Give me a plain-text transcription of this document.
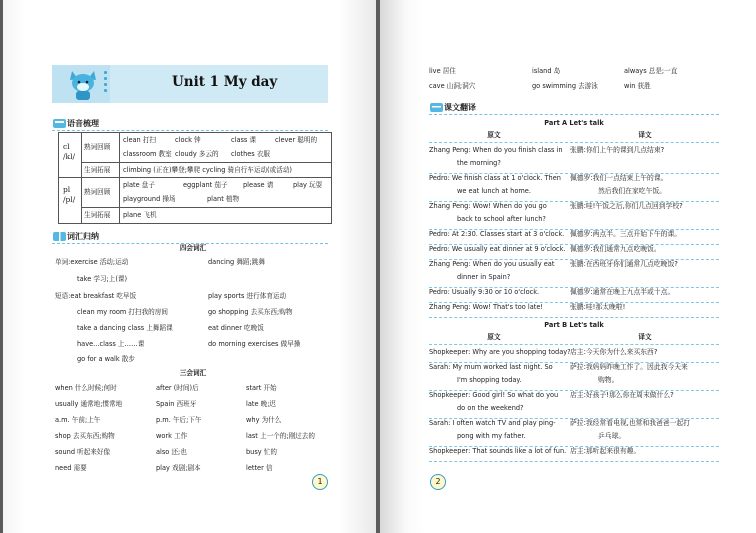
Unit 1 My day
语音梳理
cl
/kl/
熟词回顾
clean 打扫	clock 钟	class 课	clever 聪明的
classroom 教室 cloudy 多云的 clothes 衣服
生词拓展 climbing (正在)攀登;攀爬 cycling 骑自行车运动(或活动)
pl
/pl/
熟词回顾
plate 盘子	eggplant 茄子 please 请	play 玩耍
playground 操场	plant 植物
生词拓展 plane 飞机
词汇归纳
四会词汇
单词:exercise 活动;运动	dancing 舞蹈;跳舞
take 学习;上(课)
短语:eat breakfast 吃早饭	play sports 进行体育运动
clean my room 打扫我的房间	go shopping 去买东西;购物
take a dancing class 上舞蹈课	eat dinner 吃晚饭
have...class 上……课	do morning exercises 做早操
go for a walk 散步
三会词汇
when 什么时候;何时	after (时间)后	start 开始
usually 通常地;惯常地	Spain 西班牙	late 晚;迟
a.m. 午前;上午	p.m. 午后;下午	why 为什么
shop 去买东西;购物	work 工作	last 上一个的;刚过去的
sound 听起来好像	also 还;也	busy 忙的
need 需要	play 戏剧;剧本	letter 信
1
live 居住	island 岛	always 总是;一直
cave 山洞;洞穴	go swimming 去游泳	win 获胜
课文翻译
Part A Let's talk
原文	译文
Zhang Peng: When do you finish class in
the morning?
张鹏:你们上午的课到几点结束?
Pedro: We finish class at 1 o'clock. Then
we eat lunch at home.
佩德罗:我们一点结束上午的课。
然后我们在家吃午饭。
Zhang Peng: Wow! When do you go
back to school after lunch?
张鹏:哇!午饭之后,你们几点回到学校?
Pedro: At 2:30. Classes start at 3 o'clock. 佩德罗:两点半。三点开始下午的课。
Pedro: We usually eat dinner at 9 o'clock. 佩德罗:我们通常九点吃晚饭。
Zhang Peng: When do you usually eat
dinner in Spain?
张鹏:在西班牙你们通常几点吃晚饭?
Pedro: Usually 9:30 or 10 o'clock.	佩德罗:通常在晚上九点半或十点。
Zhang Peng: Wow! That's too late!	张鹏:哇!那太晚啦!
Part B Let's talk
原文	译文
Shopkeeper: Why are you shopping today? 店主:今天你为什么来买东西?
Sarah: My mum worked last night. So
I'm shopping today.
萨拉:我妈妈昨晚工作了。因此我今天来
购物。
Shopkeeper: Good girl! So what do you
do on the weekend?
店主:好孩子!那么你在周末做什么?
Sarah: I often watch TV and play ping-
pong with my father.
萨拉:我经常看电视,也常和我爸爸一起打
乒乓球。
Shopkeeper: That sounds like a lot of fun. 店主:那听起来很有趣。
2
